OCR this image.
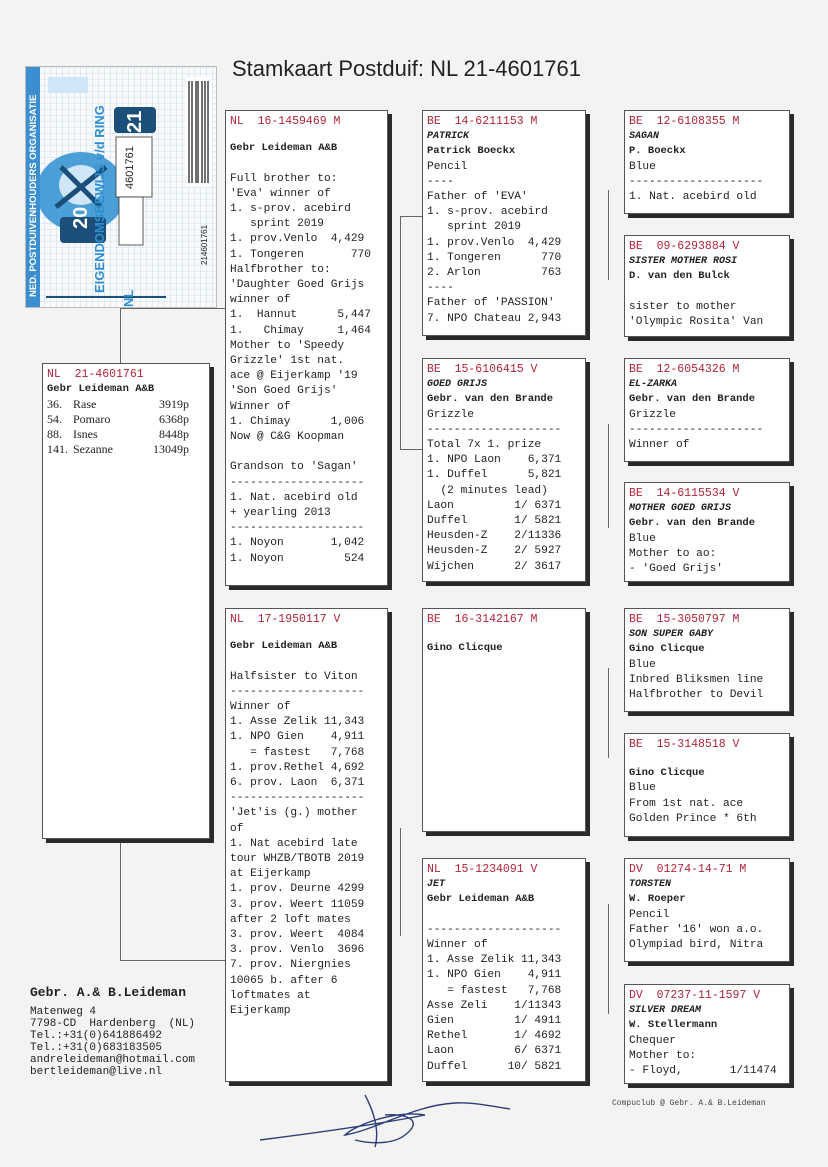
Stamkaart Postduif: NL 21-4601761
NED. POSTDUIVENHOUDERS ORGANISATIE	EIGENDOMSBEWIJS v/d RING
20
21
NL
4601761
214601761
NL  21-4601761
Gebr Leideman A&B
36. Rase	3919p
54. Pomaro	6368p
88. Isnes	8448p
141. Sezanne	13049p
NL  16-1459469 M
Gebr Leideman A&B

Full brother to:
'Eva' winner of
1. s-prov. acebird
sprint 2019
1. prov.Venlo  4,429
1. Tongeren       770
Halfbrother to:
'Daughter Goed Grijs
winner of
1.  Hannut      5,447
1.   Chimay     1,464
Mother to 'Speedy
Grizzle' 1st nat.
ace @ Eijerkamp '19
'Son Goed Grijs'
Winner of
1. Chimay      1,006
Now @ C&G Koopman

Grandson to 'Sagan'
--------------------
1. Nat. acebird old
+ yearling 2013
--------------------
1. Noyon       1,042
1. Noyon         524
NL  17-1950117 V
Gebr Leideman A&B

Halfsister to Viton
--------------------
Winner of
1. Asse Zelik 11,343
1. NPO Gien    4,911
= fastest   7,768
1. prov.Rethel 4,692
6. prov. Laon  6,371
--------------------
'Jet'is (g.) mother
of
1. Nat acebird late
tour WHZB/TBOTB 2019
at Eijerkamp
1. prov. Deurne 4299
3. prov. Weert 11059
after 2 loft mates
3. prov. Weert  4084
3. prov. Venlo  3696
7. prov. Niergnies
10065 b. after 6
loftmates at
Eijerkamp
BE  14-6211153 M
PATRICK
Patrick Boeckx
Pencil
----
Father of 'EVA'
1. s-prov. acebird
sprint 2019
1. prov.Venlo  4,429
1. Tongeren      770
2. Arlon         763
----
Father of 'PASSION'
7. NPO Chateau 2,943
BE  15-6106415 V
GOED GRIJS
Gebr. van den Brande
Grizzle
--------------------
Total 7x 1. prize
1. NPO Laon    6,371
1. Duffel      5,821
(2 minutes lead)
Laon         1/ 6371
Duffel       1/ 5821
Heusden-Z    2/11336
Heusden-Z    2/ 5927
Wijchen      2/ 3617
BE  16-3142167 M
Gino Clicque
NL  15-1234091 V
JET
Gebr Leideman A&B

--------------------
Winner of
1. Asse Zelik 11,343
1. NPO Gien    4,911
= fastest   7,768
Asse Zeli    1/11343
Gien         1/ 4911
Rethel       1/ 4692
Laon         6/ 6371
Duffel      10/ 5821
BE  12-6108355 M
SAGAN
P. Boeckx
Blue
--------------------
1. Nat. acebird old
BE  09-6293884 V
SISTER MOTHER ROSI
D. van den Bulck

sister to mother
'Olympic Rosita' Van
BE  12-6054326 M
EL-ZARKA
Gebr. van den Brande
Grizzle
--------------------
Winner of
BE  14-6115534 V
MOTHER GOED GRIJS
Gebr. van den Brande
Blue
Mother to ao:
- 'Goed Grijs'
BE  15-3050797 M
SON SUPER GABY
Gino Clicque
Blue
Inbred Bliksmen line
Halfbrother to Devil
BE  15-3148518 V
Gino Clicque
Blue
From 1st nat. ace
Golden Prince * 6th
DV  01274-14-71 M
TORSTEN
W. Roeper
Pencil
Father '16' won a.o.
Olympiad bird, Nitra
DV  07237-11-1597 V
SILVER DREAM
W. Stellermann
Chequer
Mother to:
- Floyd,       1/11474
Gebr. A.& B.Leideman
Matenweg 4
7798-CD  Hardenberg  (NL)
Tel.:+31(0)641886492
Tel.:+31(0)683183505
andreleideman@hotmail.com
bertleideman@live.nl
Compuclub @ Gebr. A.& B.Leideman
